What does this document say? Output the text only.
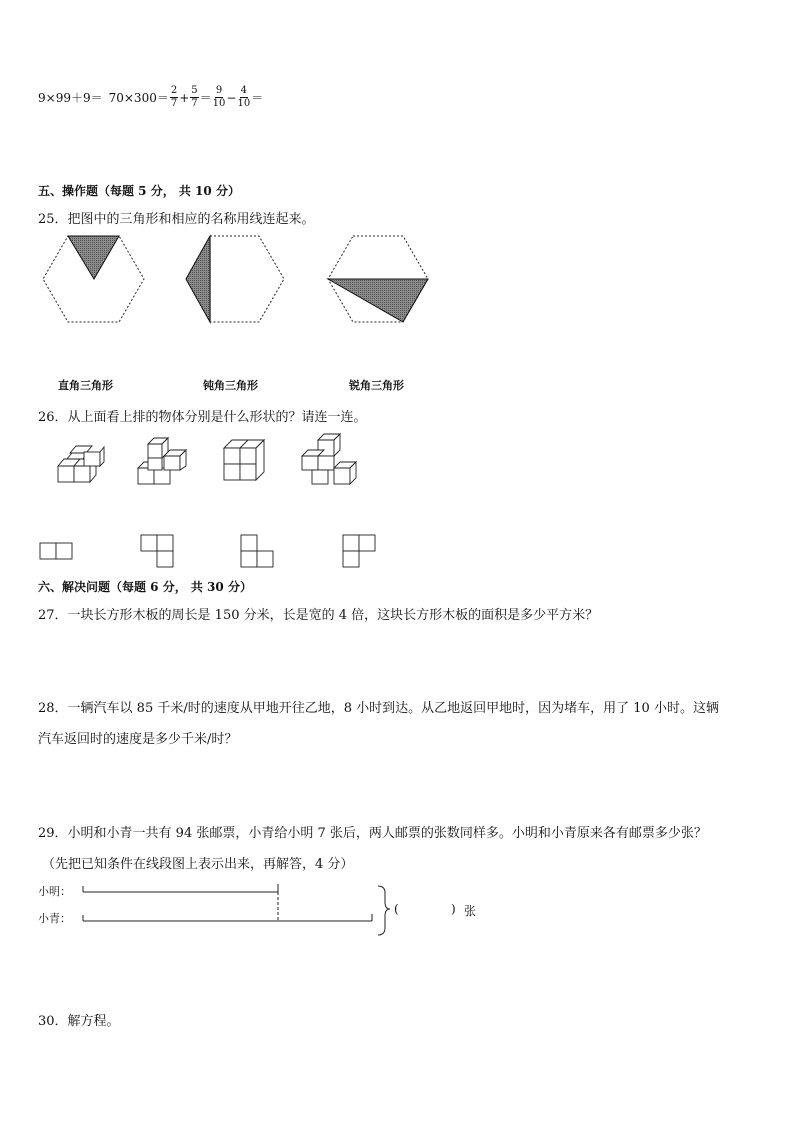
$9\times 99+9= 70\times 300= \frac{2}{7} + \frac{5}{7} = \frac{9}{10} - \frac{4}{10}$ ＝
五、操作题（每题 5 分， 共 10 分）
25．把图中的三角形和相应的名称用线连起来。
直角三角形	钝角三角形	锐角三角形
26．从上面看上排的物体分别是什么形状的？请连一连。
六、解决问题（每题 6 分， 共 30 分）
27．一块长方形木板的周长是 150 分米，长是宽的 4 倍，这块长方形木板的面积是多少平方米？
28．一辆汽车以 85 千米/时的速度从甲地开往乙地，8 小时到达。从乙地返回甲地时，因为堵车，用了 10 小时。这辆
汽车返回时的速度是多少千米/时？
29．小明和小青一共有 94 张邮票，小青给小明 7 张后，两人邮票的张数同样多。小明和小青原来各有邮票多少张？
（先把已知条件在线段图上表示出来，再解答，4 分）
小明：
小青：
(	) 张
30．解方程。
